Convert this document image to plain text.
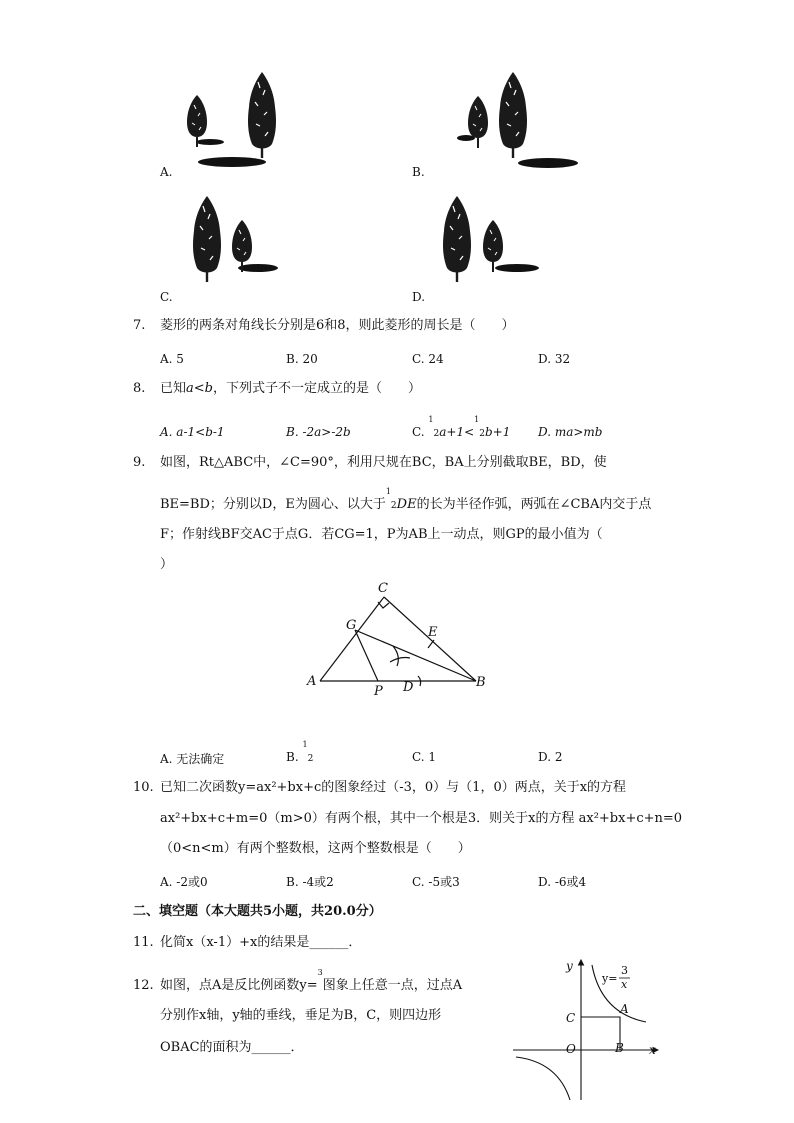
A.	B.
C.	D.
7. 菱形的两条对角线长分别是6和8，则此菱形的周长是（　　）
A. 5	B. 20	C. 24	D. 32
8. 已知a<b，下列式子不一定成立的是（　　）
A. a-1<b-1	B. -2a>-2b	C. $^1$2a+1<$^1$2b+1 D. ma>mb
9. 如图，Rt△ABC中，∠C=90°，利用尺规在BC，BA上分别截取BE，BD，使
BE=BD；分别以D，E为圆心、以大于$^1$2DE的长为半径作弧，两弧在∠CBA内交于点
F；作射线BF交AC于点G．若CG=1，P为AB上一动点，则GP的最小值为（
）
C
G	E
A
P D	B
A. 无法确定	B. $^1$2	C. 1	D. 2
10. 已知二次函数y=ax²+bx+c的图象经过（-3，0）与（1，0）两点，关于x的方程
ax²+bx+c+m=0（m>0）有两个根，其中一个根是3．则关于x的方程 ax²+bx+c+n=0
（0<n<m）有两个整数根，这两个整数根是（　　）
A. -2或0	B. -4或2	C. -5或3	D. -6或4
二、填空题（本大题共5小题，共20.0分）
11. 化简x（x-1）+x的结果是______．
12. 如图，点A是反比例函数y=$^3$图象上任意一点，过点A
分别作x轴，y轴的垂线，垂足为B，C，则四边形
OBAC的面积为______．
y
x
C
A
O	B
y=
3
x
